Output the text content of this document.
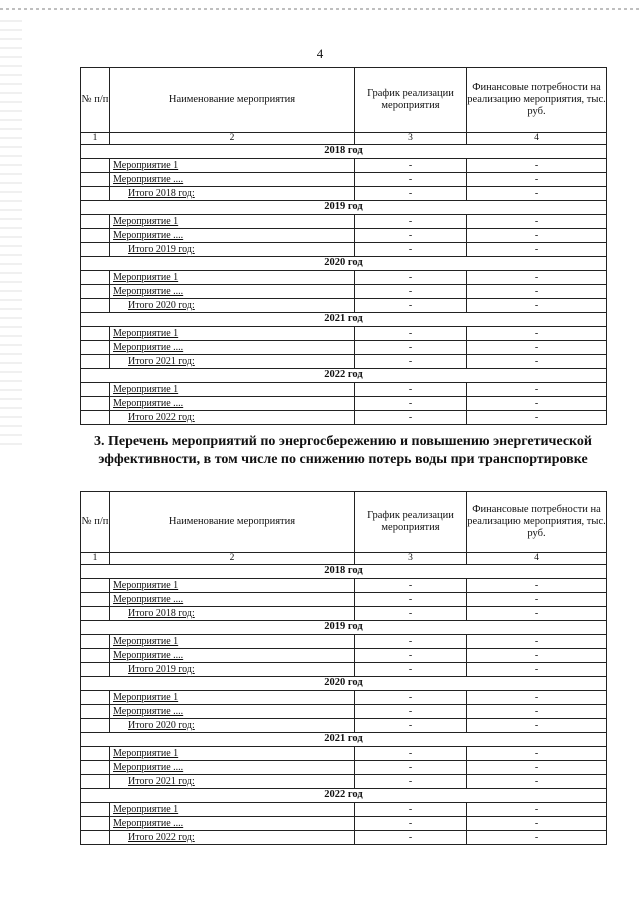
4
№ п/п	Наименование мероприятия	График реализации мероприятия	Финансовые потребности на реализацию мероприятия, тыс. руб.
1	2	3	4
2018 год			
	Мероприятие 1	-	-
	Мероприятие ....	-	-
	Итого 2018 год:	-	-
2019 год			
	Мероприятие 1	-	-
	Мероприятие ....	-	-
	Итого 2019 год:	-	-
2020 год			
	Мероприятие 1	-	-
	Мероприятие ....	-	-
	Итого 2020 год:	-	-
2021 год			
	Мероприятие 1	-	-
	Мероприятие ....	-	-
	Итого 2021 год:	-	-
2022 год			
	Мероприятие 1	-	-
	Мероприятие ....	-	-
	Итого 2022 год:	-	-
3. Перечень мероприятий по энергосбережению и повышению энергетической эффективности, в том числе по снижению потерь воды при транспортировке
№ п/п	Наименование мероприятия	График реализации мероприятия	Финансовые потребности на реализацию мероприятия, тыс. руб.
1	2	3	4
2018 год			
	Мероприятие 1	-	-
	Мероприятие ....	-	-
	Итого 2018 год:	-	-
2019 год			
	Мероприятие 1	-	-
	Мероприятие ....	-	-
	Итого 2019 год:	-	-
2020 год			
	Мероприятие 1	-	-
	Мероприятие ....	-	-
	Итого 2020 год:	-	-
2021 год			
	Мероприятие 1	-	-
	Мероприятие ....	-	-
	Итого 2021 год:	-	-
2022 год			
	Мероприятие 1	-	-
	Мероприятие ....	-	-
	Итого 2022 год:	-	-
